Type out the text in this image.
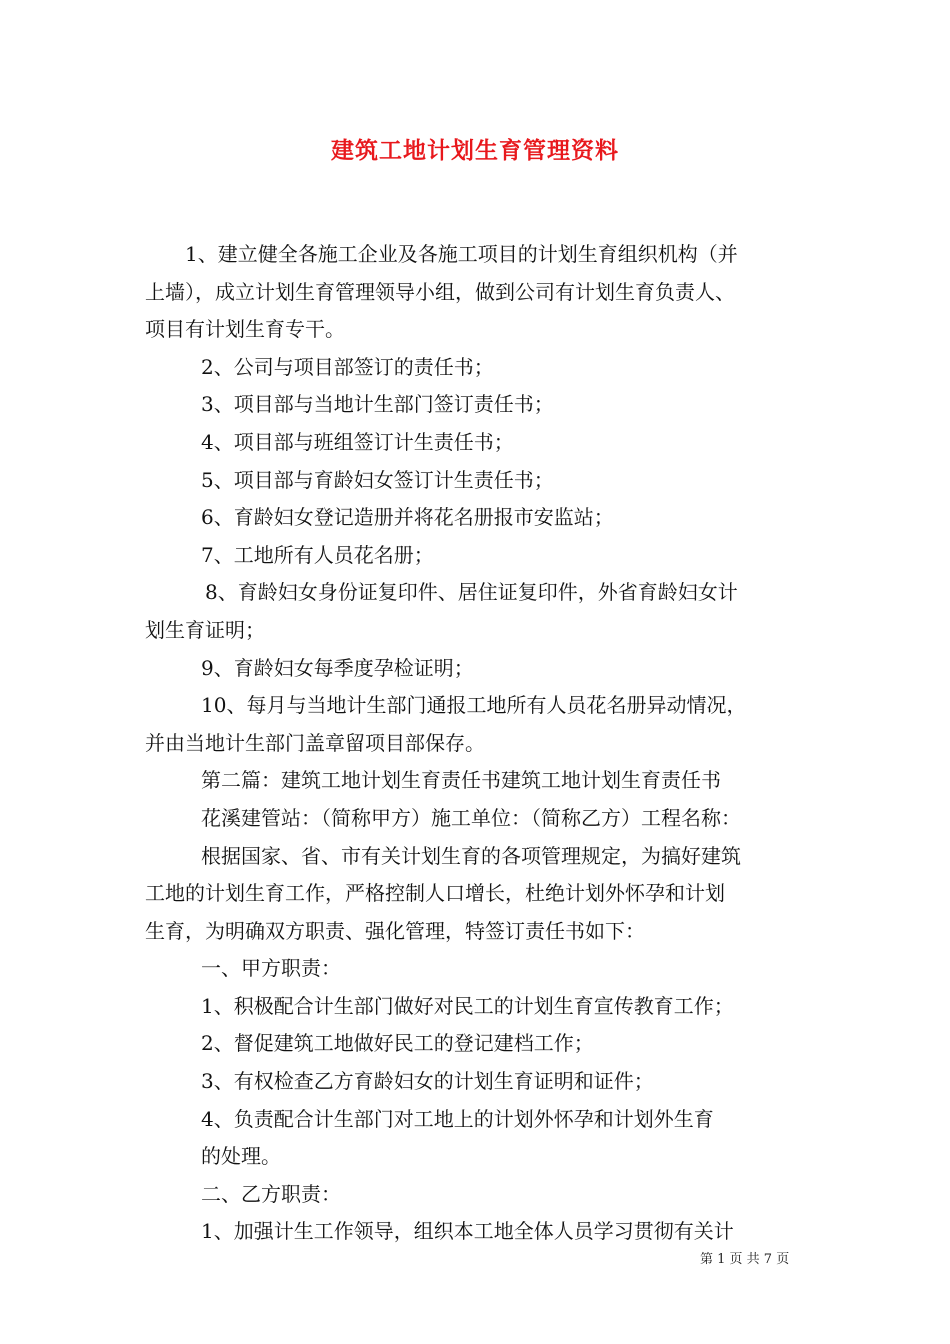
建筑工地计划生育管理资料

1、建立健全各施工企业及各施工项目的计划生育组织机构（并

上墙），成立计划生育管理领导小组，做到公司有计划生育负责人、

项目有计划生育专干。

2、公司与项目部签订的责任书；

3、项目部与当地计生部门签订责任书；

4、项目部与班组签订计生责任书；

5、项目部与育龄妇女签订计生责任书；

6、育龄妇女登记造册并将花名册报市安监站；

7、工地所有人员花名册；

8、育龄妇女身份证复印件、居住证复印件，外省育龄妇女计

划生育证明；

9、育龄妇女每季度孕检证明；

10、每月与当地计生部门通报工地所有人员花名册异动情况，

并由当地计生部门盖章留项目部保存。

第二篇：建筑工地计划生育责任书建筑工地计划生育责任书

花溪建管站：（简称甲方）施工单位：（简称乙方）工程名称：

根据国家、省、市有关计划生育的各项管理规定，为搞好建筑

工地的计划生育工作，严格控制人口增长，杜绝计划外怀孕和计划

生育，为明确双方职责、强化管理，特签订责任书如下：

一、甲方职责：

1、积极配合计生部门做好对民工的计划生育宣传教育工作；

2、督促建筑工地做好民工的登记建档工作；

3、有权检查乙方育龄妇女的计划生育证明和证件；

4、负责配合计生部门对工地上的计划外怀孕和计划外生育

的处理。

二、乙方职责：

1、加强计生工作领导，组织本工地全体人员学习贯彻有关计

第 1 页 共 7 页
